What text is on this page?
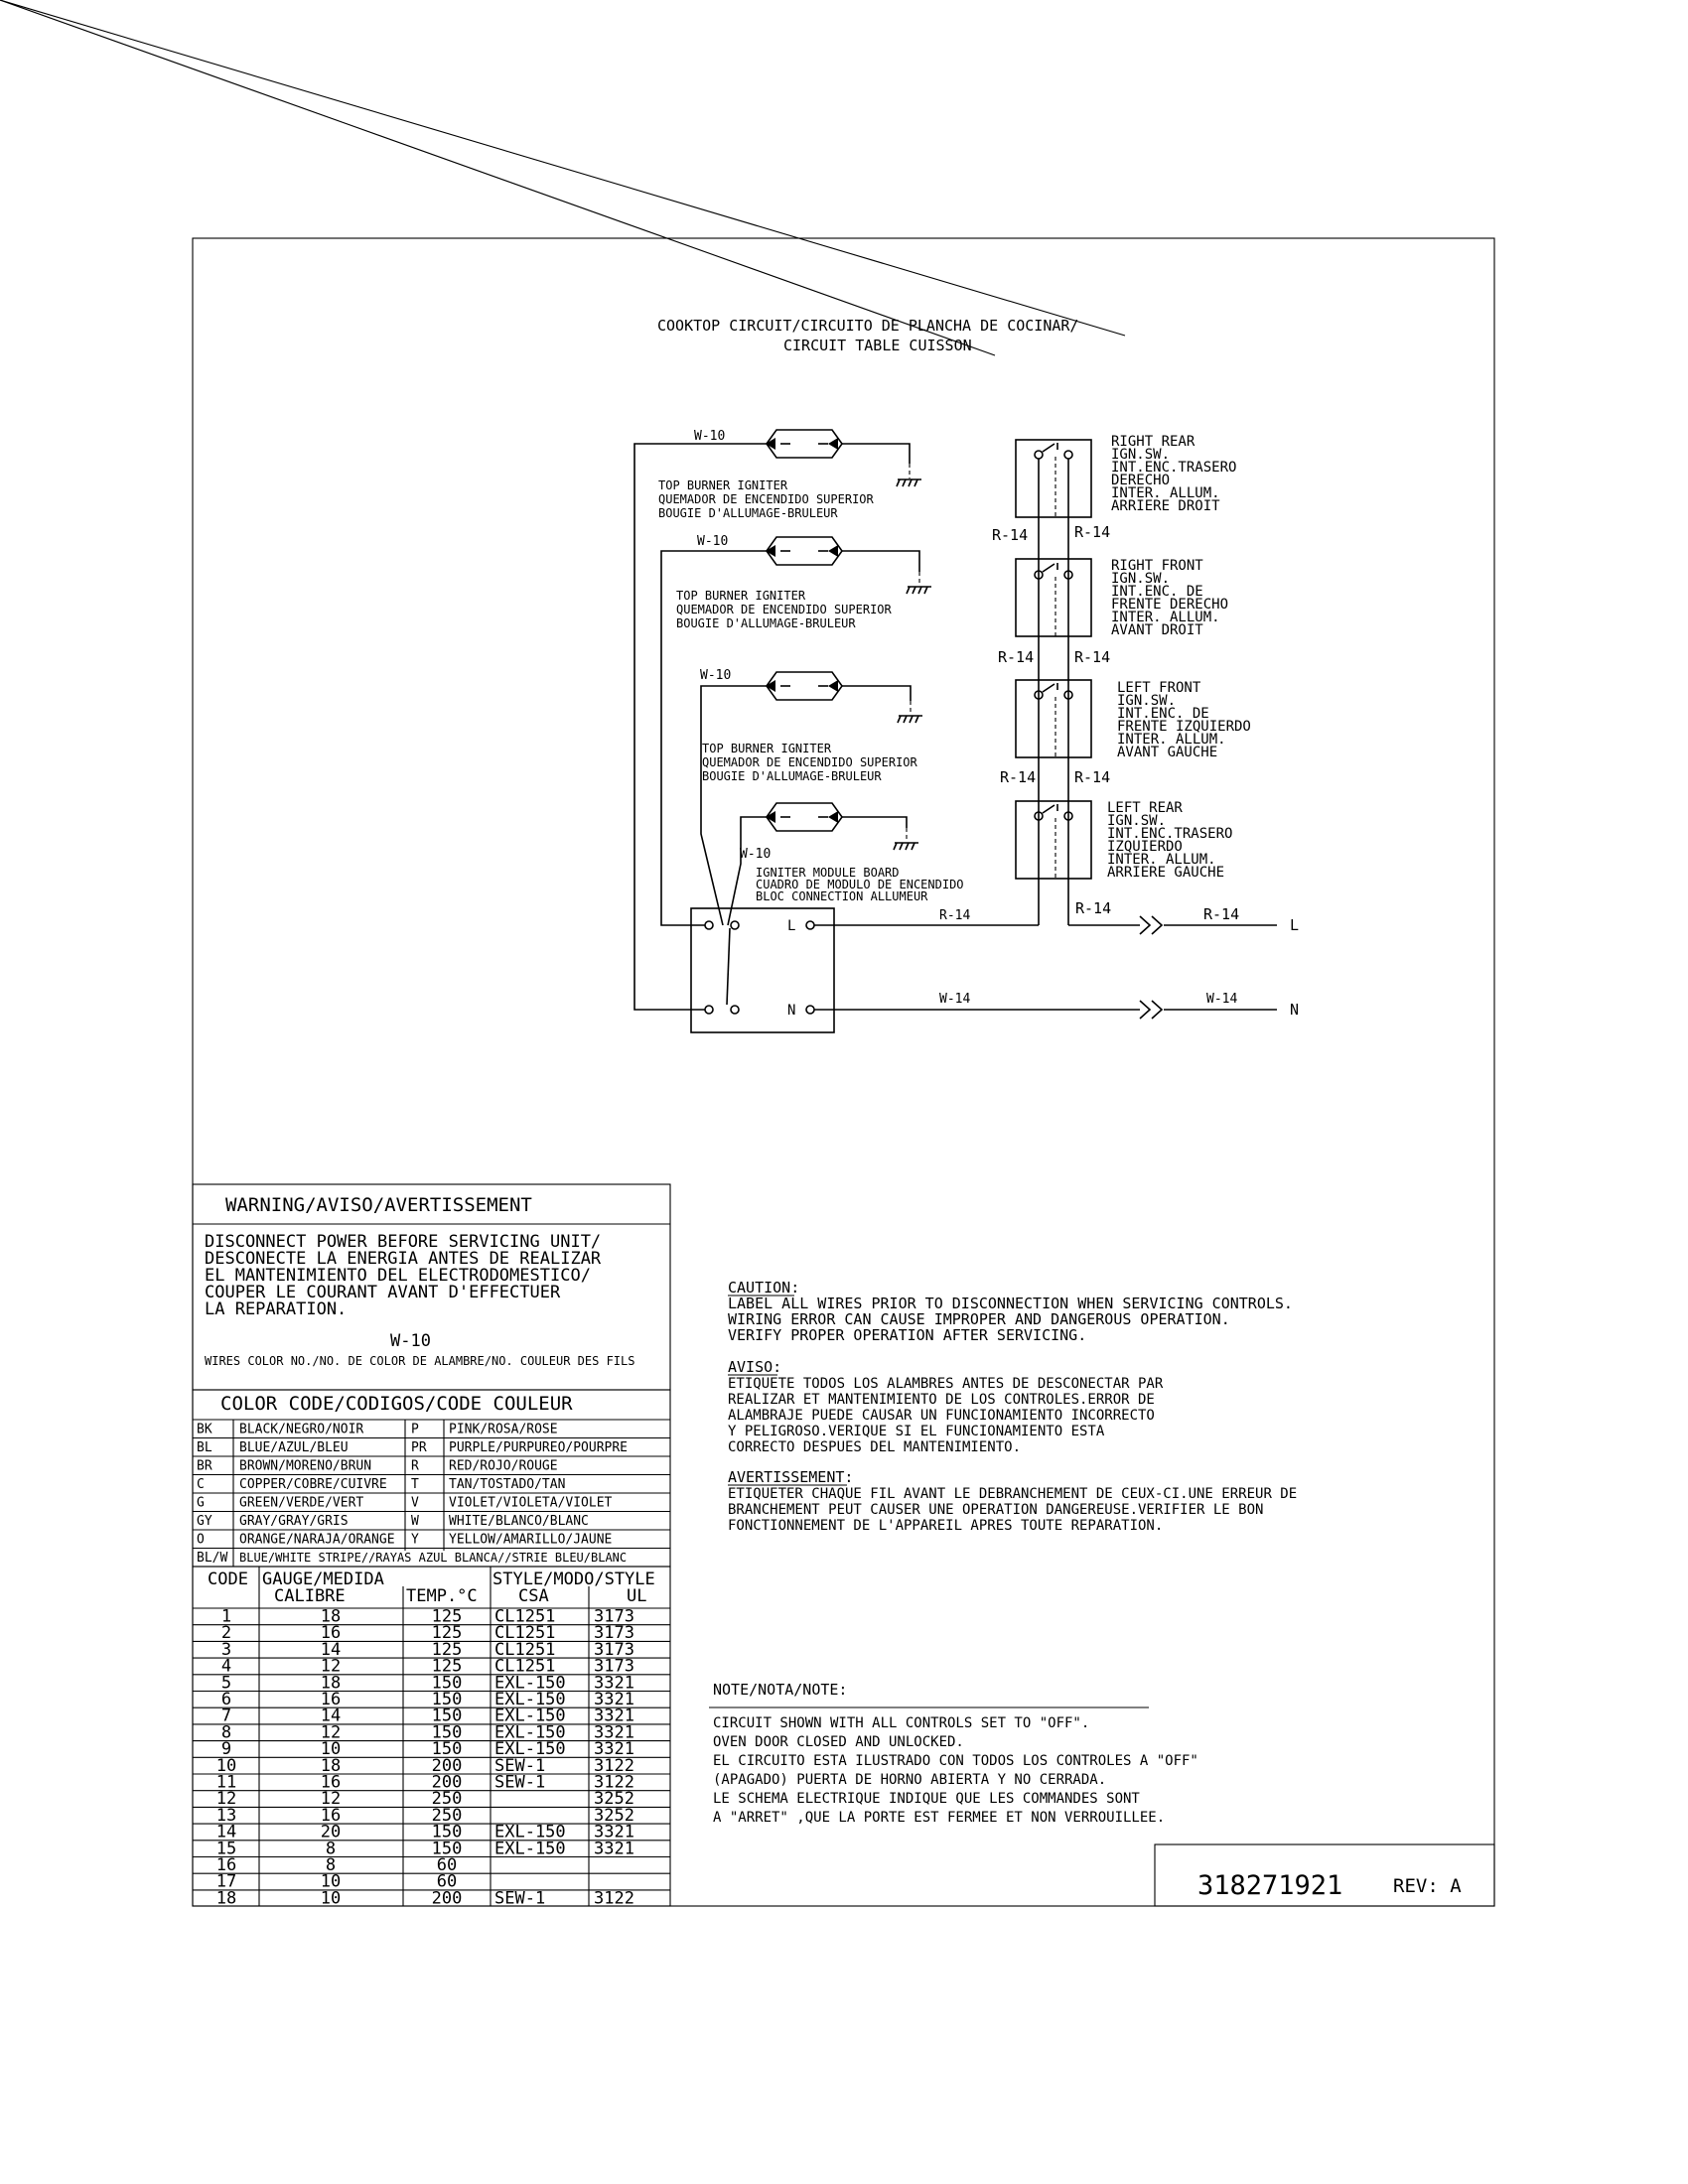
COOKTOP CIRCUIT/CIRCUITO DE PLANCHA DE COCINAR/
CIRCUIT TABLE CUISSON
W-10
TOP BURNER IGNITER
QUEMADOR DE ENCENDIDO SUPERIOR
BOUGIE D'ALLUMAGE-BRULEUR
W-10
TOP BURNER IGNITER
QUEMADOR DE ENCENDIDO SUPERIOR
BOUGIE D'ALLUMAGE-BRULEUR
W-10
TOP BURNER IGNITER
QUEMADOR DE ENCENDIDO SUPERIOR
BOUGIE D'ALLUMAGE-BRULEUR
W-10
IGNITER MODULE BOARD
CUADRO DE MODULO DE ENCENDIDO
BLOC CONNECTION ALLUMEUR
L
N
RIGHT REAR
IGN.SW.
INT.ENC.TRASERO
DERECHO
INTER. ALLUM.
ARRIERE DROIT
RIGHT FRONT
IGN.SW.
INT.ENC. DE
FRENTE DERECHO
INTER. ALLUM.
AVANT DROIT
LEFT FRONT
IGN.SW.
INT.ENC. DE
FRENTE IZQUIERDO
INTER. ALLUM.
AVANT GAUCHE
LEFT REAR
IGN.SW.
INT.ENC.TRASERO
IZQUIERDO
INTER. ALLUM.
ARRIERE GAUCHE
R-14	R-14
R-14	R-14
R-14	R-14
R-14	R-14	R-14
L
N
W-14	W-14
WARNING/AVISO/AVERTISSEMENT
DISCONNECT POWER BEFORE SERVICING UNIT/
DESCONECTE LA ENERGIA ANTES DE REALIZAR
EL MANTENIMIENTO DEL ELECTRODOMESTICO/
COUPER LE COURANT AVANT D'EFFECTUER
LA REPARATION.
W-10
WIRES COLOR NO./NO. DE COLOR DE ALAMBRE/NO. COULEUR DES FILS
COLOR CODE/CODIGOS/CODE COULEUR
BK BLACK/NEGRO/NOIR	P PINK/ROSA/ROSE
BL BLUE/AZUL/BLEU	PR PURPLE/PURPUREO/POURPRE
BR BROWN/MORENO/BRUN	R RED/ROJO/ROUGE
C	COPPER/COBRE/CUIVRE T TAN/TOSTADO/TAN
G	GREEN/VERDE/VERT	V VIOLET/VIOLETA/VIOLET
GY GRAY/GRAY/GRIS	W WHITE/BLANCO/BLANC
O	ORANGE/NARAJA/ORANGE Y YELLOW/AMARILLO/JAUNE
BL/W BLUE/WHITE STRIPE//RAYAS AZUL BLANCA//STRIE BLEU/BLANC
CODE GAUGE/MEDIDA
CALIBRE	TEMP.°C
STYLE/MODO/STYLE
CSA	UL
1	18	125 CL1251 3173
2	16	125 CL1251 3173
3	14	125 CL1251 3173
4	12	125 CL1251 3173
5	18	150 EXL-150 3321
6	16	150 EXL-150 3321
7	14	150 EXL-150 3321
8	12	150 EXL-150 3321
9	10	150 EXL-150 3321
10	18	200 SEW-1	3122
11	16	200 SEW-1	3122
12	12	250	3252
13	16	250	3252
14	20	150 EXL-150 3321
15	8	150 EXL-150 3321
16	8	60
17	10	60
18	10	200 SEW-1	3122
CAUTION:
LABEL ALL WIRES PRIOR TO DISCONNECTION WHEN SERVICING CONTROLS.
WIRING ERROR CAN CAUSE IMPROPER AND DANGEROUS OPERATION.
VERIFY PROPER OPERATION AFTER SERVICING.
AVISO:
ETIQUETE TODOS LOS ALAMBRES ANTES DE DESCONECTAR PAR
REALIZAR ET MANTENIMIENTO DE LOS CONTROLES.ERROR DE
ALAMBRAJE PUEDE CAUSAR UN FUNCIONAMIENTO INCORRECTO
Y PELIGROSO.VERIQUE SI EL FUNCIONAMIENTO ESTA
CORRECTO DESPUES DEL MANTENIMIENTO.
AVERTISSEMENT:
ETIQUETER CHAQUE FIL AVANT LE DEBRANCHEMENT DE CEUX-CI.UNE ERREUR DE
BRANCHEMENT PEUT CAUSER UNE OPERATION DANGEREUSE.VERIFIER LE BON
FONCTIONNEMENT DE L'APPAREIL APRES TOUTE REPARATION.
NOTE/NOTA/NOTE:
CIRCUIT SHOWN WITH ALL CONTROLS SET TO "OFF".
OVEN DOOR CLOSED AND UNLOCKED.
EL CIRCUITO ESTA ILUSTRADO CON TODOS LOS CONTROLES A "OFF"
(APAGADO) PUERTA DE HORNO ABIERTA Y NO CERRADA.
LE SCHEMA ELECTRIQUE INDIQUE QUE LES COMMANDES SONT
A "ARRET" ,QUE LA PORTE EST FERMEE ET NON VERROUILLEE.
318271921	REV: A
